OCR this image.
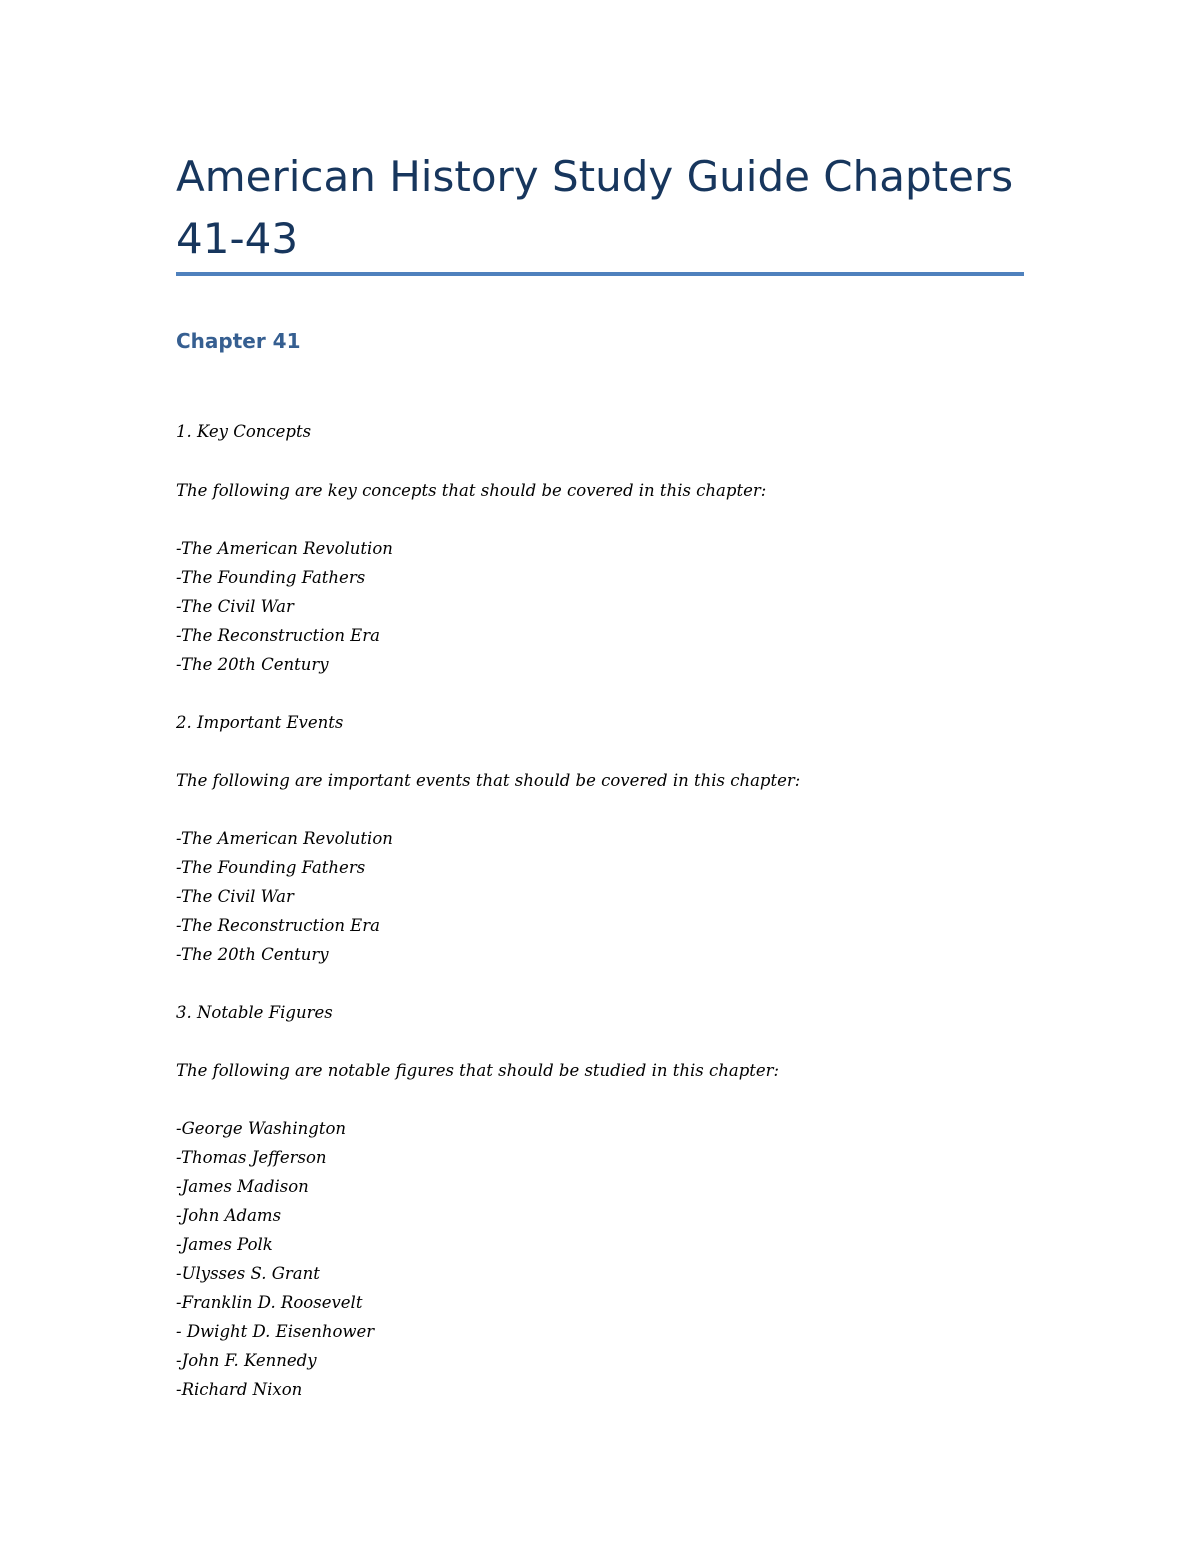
American History Study Guide Chapters 41-43
Chapter 41

1. Key Concepts

The following are key concepts that should be covered in this chapter:

-The American Revolution

-The Founding Fathers

-The Civil War

-The Reconstruction Era

-The 20th Century

2. Important Events

The following are important events that should be covered in this chapter:

-The American Revolution

-The Founding Fathers

-The Civil War

-The Reconstruction Era

-The 20th Century

3. Notable Figures

The following are notable figures that should be studied in this chapter:

-George Washington

-Thomas Jefferson

-James Madison

-John Adams

-James Polk

-Ulysses S. Grant

-Franklin D. Roosevelt

- Dwight D. Eisenhower

-John F. Kennedy

-Richard Nixon
